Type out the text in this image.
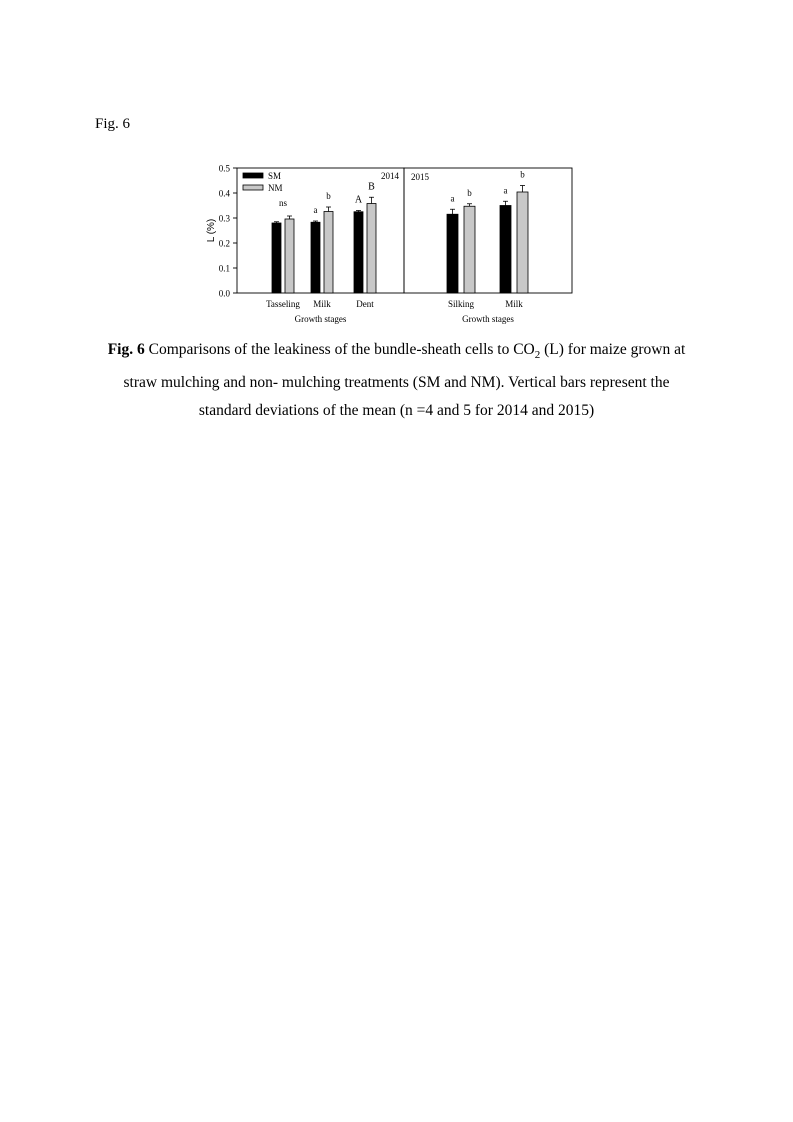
Fig. 6
0.0
0.1
0.2
0.3
0.4
0.5
L (%)
2014
Tasseling Milk	Dent
Growth stages
ns
a
b A
B
2015
Silking	Milk
Growth stages
a
b	a
b
SM
NM
Fig. 6 Comparisons of the leakiness of the bundle-sheath cells to $CO_2$ (L) for maize grown at
straw mulching and non- mulching treatments (SM and NM). Vertical bars represent the
standard deviations of the mean (n =4 and 5 for 2014 and 2015)
